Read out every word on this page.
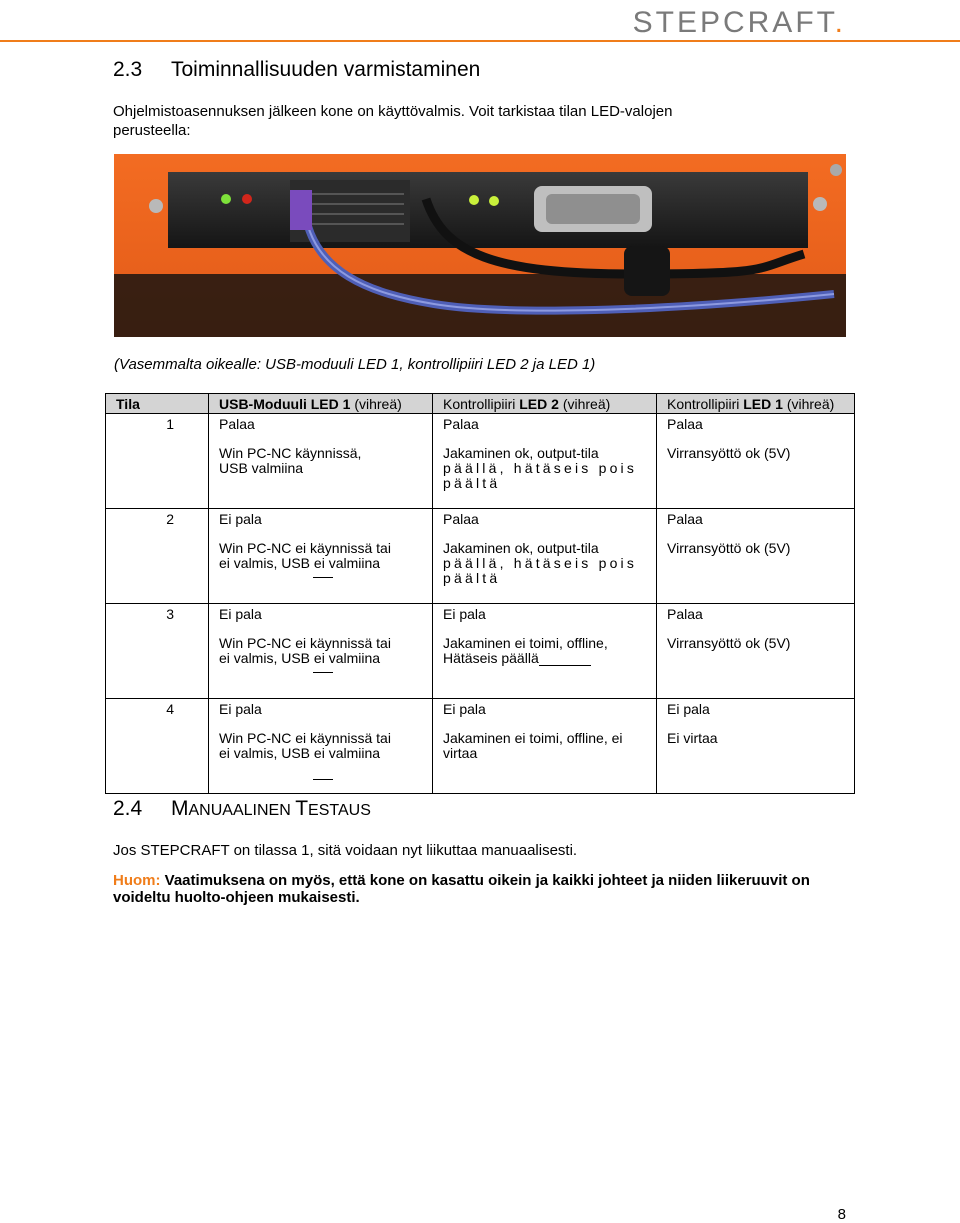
STEPCRAFT.
2.3 Toiminnallisuuden varmistaminen
Ohjelmistoasennuksen jälkeen kone on käyttövalmis. Voit tarkistaa tilan LED-valojen perusteella:
(Vasemmalta oikealle: USB-moduuli LED 1, kontrollipiiri LED 2 ja LED 1)
Tila	USB-Moduuli LED 1 (vihreä)	Kontrollipiiri LED 2 (vihreä)	Kontrollipiiri LED 1 (vihreä)
1	Palaa	Palaa	Palaa
	Win PC-NC käynnissä,
USB valmiina	Jakaminen ok, output-tila
päällä, hätäseis pois
päältä	Virransyöttö ok (5V)
2	Ei pala	Palaa	Palaa
	Win PC-NC ei käynnissä tai
ei valmis, USB ei valmiina	Jakaminen ok, output-tila
päällä, hätäseis pois
päältä	Virransyöttö ok (5V)
3	Ei pala	Ei pala	Palaa
	Win PC-NC ei käynnissä tai
ei valmis, USB ei valmiina	Jakaminen ei toimi, offline,
Hätäseis päällä	Virransyöttö ok (5V)
4	Ei pala	Ei pala	Ei pala
	Win PC-NC ei käynnissä tai
ei valmis, USB ei valmiina	Jakaminen ei toimi, offline, ei
virtaa	Ei virtaa
2.4 MANUAALINEN TESTAUS
Jos STEPCRAFT on tilassa 1, sitä voidaan nyt liikuttaa manuaalisesti.
Huom: Vaatimuksena on myös, että kone on kasattu oikein ja kaikki johteet ja niiden liikeruuvit on voideltu huolto-ohjeen mukaisesti.
8
